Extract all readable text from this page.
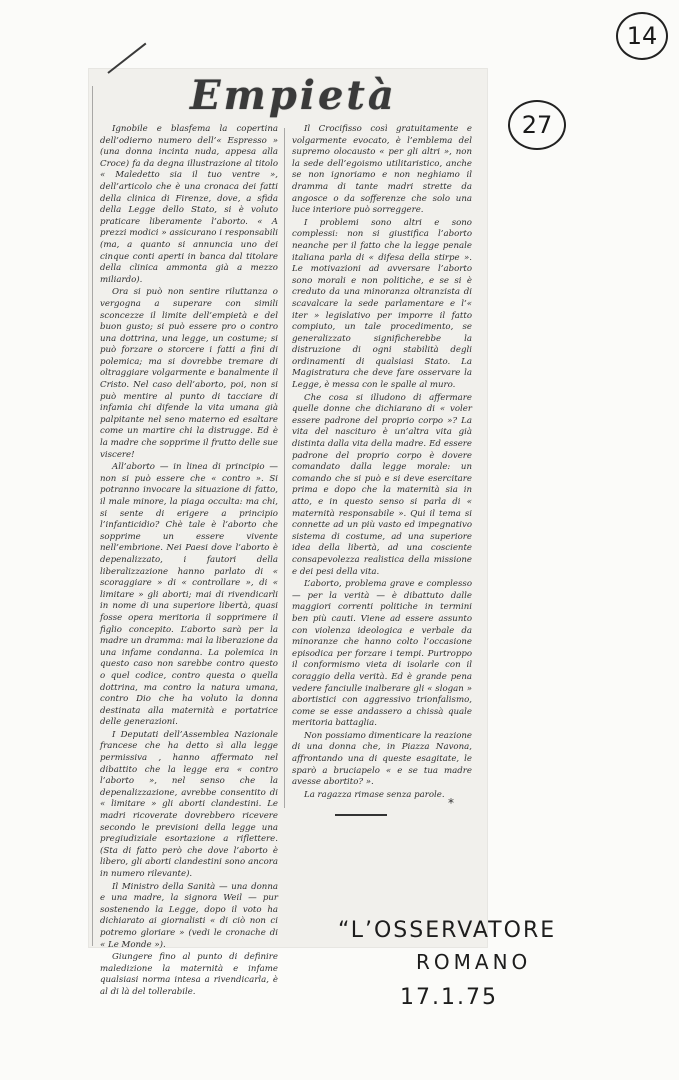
Empietà

Ignobile e blasfema la copertina dell’odierno numero dell’« Espresso » (una donna incinta nuda, appesa alla Croce) fa da degna illustrazione al titolo « Maledetto sia il tuo ventre », dell’articolo che è una cronaca dei fatti della clinica di Firenze, dove, a sfida della Legge dello Stato, si è voluto praticare liberamente l’aborto. « A prezzi modici » assicurano i responsabili (ma, a quanto si annuncia uno dei cinque conti aperti in banca dal titolare della clinica ammonta già a mezzo miliardo).

Ora si può non sentire riluttanza o vergogna a superare con simili sconcezze il limite dell’empietà e del buon gusto; si può essere pro o contro una dottrina, una legge, un costume; si può forzare o storcere i fatti a fini di polemica; ma si dovrebbe tremare di oltraggiare volgarmente e banalmente il Cristo. Nel caso dell’aborto, poi, non si può mentire al punto di tacciare di infamia chi difende la vita umana già palpitante nel seno materno ed esaltare come un martire chi la distrugge. Ed è la madre che sopprime il frutto delle sue viscere!

All’aborto — in linea di principio — non si può essere che « contro ». Si potranno invocare la situazione di fatto, il male minore, la piaga occulta: ma chi, si sente di erigere a principio l’infanticidio? Chè tale è l’aborto che sopprime un essere vivente nell’embrione. Nei Paesi dove l’aborto è depenalizzato, i fautori della liberalizzazione hanno parlato di « scoraggiare » di « controllare », di « limitare » gli aborti; mai di rivendicarli in nome di una superiore libertà, quasi fosse opera meritoria il sopprimere il figlio concepito. L’aborto sarà per la madre un dramma: mai la liberazione da una infame condanna. La polemica in questo caso non sarebbe contro questo o quel codice, contro questa o quella dottrina, ma contro la natura umana, contro Dio che ha voluto la donna destinata alla maternità e portatrice delle generazioni.

I Deputati dell’Assemblea Nazionale francese che ha detto sì alla legge permissiva , hanno affermato nel dibattito che la legge era « contro l’aborto », nel senso che la depenalizzazione, avrebbe consentito di « limitare » gli aborti clandestini. Le madri ricoverate dovrebbero ricevere secondo le previsioni della legge una pregiudiziale esortazione a riflettere. (Sta di fatto però che dove l’aborto è libero, gli aborti clandestini sono ancora in numero rilevante).

Il Ministro della Sanità — una donna e una madre, la signora Weil — pur sostenendo la Legge, dopo il voto ha dichiarato ai giornalisti « di ciò non ci potremo gloriare » (vedi le cronache di « Le Monde »).

Giungere fino al punto di definire maledizione la maternità e infame qualsiasi norma intesa a rivendicarla, è al di là del tollerabile.

Il Crocifisso così gratuitamente e volgarmente evocato, è l’emblema del supremo olocausto « per gli altri », non la sede dell’egoismo utilitaristico, anche se non ignoriamo e non neghiamo il dramma di tante madri strette da angosce o da sofferenze che solo una luce interiore può sorreggere.

I problemi sono altri e sono complessi: non si giustifica l’aborto neanche per il fatto che la legge penale italiana parla di « difesa della stirpe ». Le motivazioni ad avversare l’aborto sono morali e non politiche, e se si è creduto da una minoranza oltranzista di scavalcare la sede parlamentare e l’« iter » legislativo per imporre il fatto compiuto, un tale procedimento, se generalizzato significherebbe la distruzione di ogni stabilità degli ordinamenti di qualsiasi Stato. La Magistratura che deve fare osservare la Legge, è messa con le spalle al muro.

Che cosa si illudono di affermare quelle donne che dichiarano di « voler essere padrone del proprio corpo »? La vita del nascituro è un’altra vita già distinta dalla vita della madre. Ed essere padrone del proprio corpo è dovere comandato dalla legge morale: un comando che si può e si deve esercitare prima e dopo che la maternità sia in atto, e in questo senso si parla di « maternità responsabile ». Qui il tema si connette ad un più vasto ed impegnativo sistema di costume, ad una superiore idea della libertà, ad una cosciente consapevolezza realistica della missione e dei pesi della vita.

L’aborto, problema grave e complesso — per la verità — è dibattuto dalle maggiori correnti politiche in termini ben più cauti. Viene ad essere assunto con violenza ideologica e verbale da minoranze che hanno colto l’occasione episodica per forzare i tempi. Purtroppo il conformismo vieta di isolarle con il coraggio della verità. Ed è grande pena vedere fanciulle inalberare gli « slogan » abortistici con aggressivo trionfalismo, come se esse andassero a chissà quale meritoria battaglia.

Non possiamo dimenticare la reazione di una donna che, in Piazza Navona, affrontando una di queste esagitate, le sparò a bruciapelo « e se tua madre avesse abortito? ».

La ragazza rimase senza parole.

*
14
27
“L’OSSERVATORE
ROMANO
17.1.75
